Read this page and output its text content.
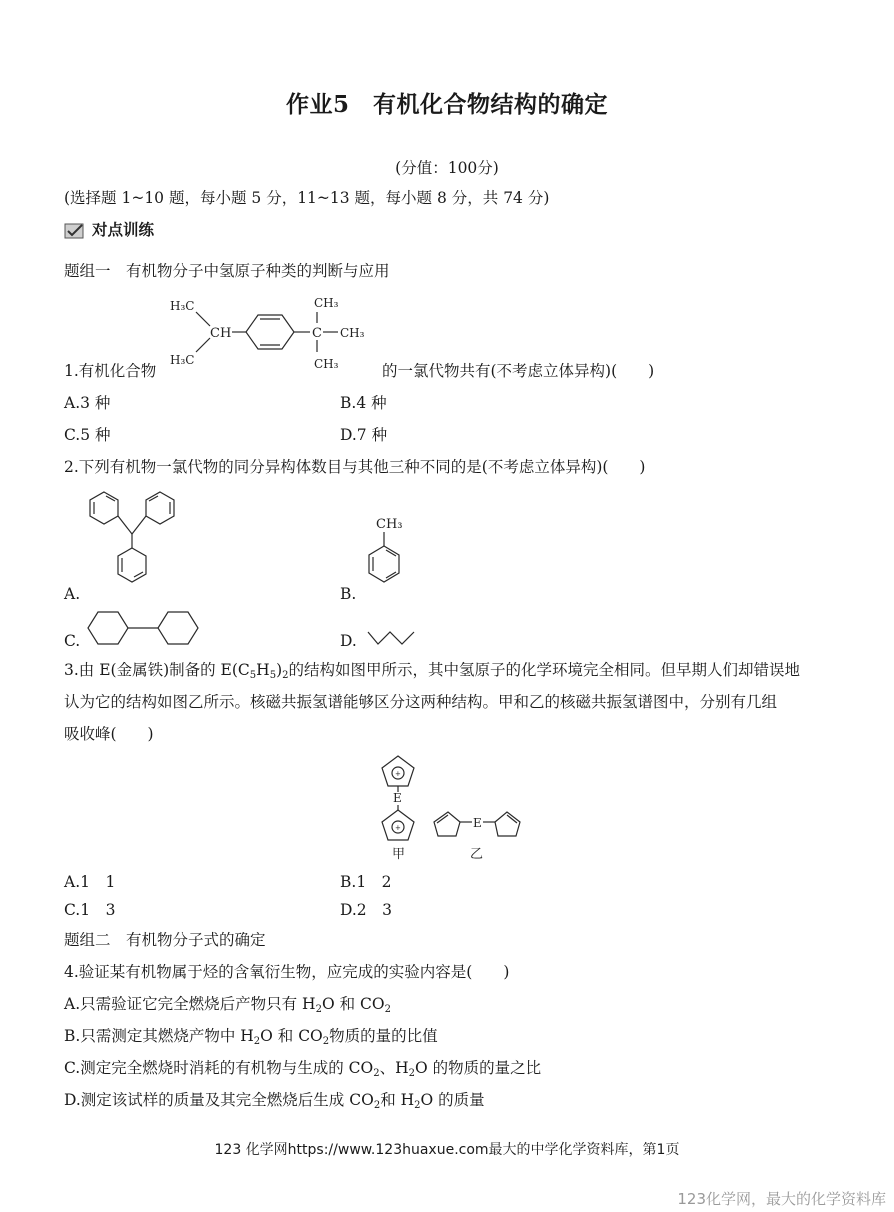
作业5　有机化合物结构的确定
(分值：100分)
(选择题 1~10 题，每小题 5 分，11~13 题，每小题 8 分，共 74 分)
对点训练
题组一　有机物分子中氢原子种类的判断与应用
H₃C
H₃C
CH	C
CH₃
CH₃
CH₃
1.有机化合物	的一氯代物共有(不考虑立体异构)(　　)
A.3 种	B.4 种
C.5 种	D.7 种
2.下列有机物一氯代物的同分异构体数目与其他三种不同的是(不考虑立体异构)(　　)
A.
CH₃
B.
C.	D.
3.由 E(金属铁)制备的 $E(C_5H_5)_2$的结构如图甲所示，其中氢原子的化学环境完全相同。但早期人们却错误地
认为它的结构如图乙所示。核磁共振氢谱能够区分这两种结构。甲和乙的核磁共振氢谱图中，分别有几组
吸收峰(　　)
+
E
+
甲
E
乙
A.1　1	B.1　2
C.1　3	D.2　3
题组二　有机物分子式的确定
4.验证某有机物属于烃的含氧衍生物，应完成的实验内容是(　　)
A.只需验证它完全燃烧后产物只有 $H_2O$ 和 $CO_2$
B.只需测定其燃烧产物中 $H_2O$ 和 $CO_2$物质的量的比值
C.测定完全燃烧时消耗的有机物与生成的 $CO_2$、$H_2O$ 的物质的量之比
D.测定该试样的质量及其完全燃烧后生成 $CO_2$和 $H_2O$ 的质量
123 化学网https://www.123huaxue.com最大的中学化学资料库，第1页
123化学网，最大的化学资料库
